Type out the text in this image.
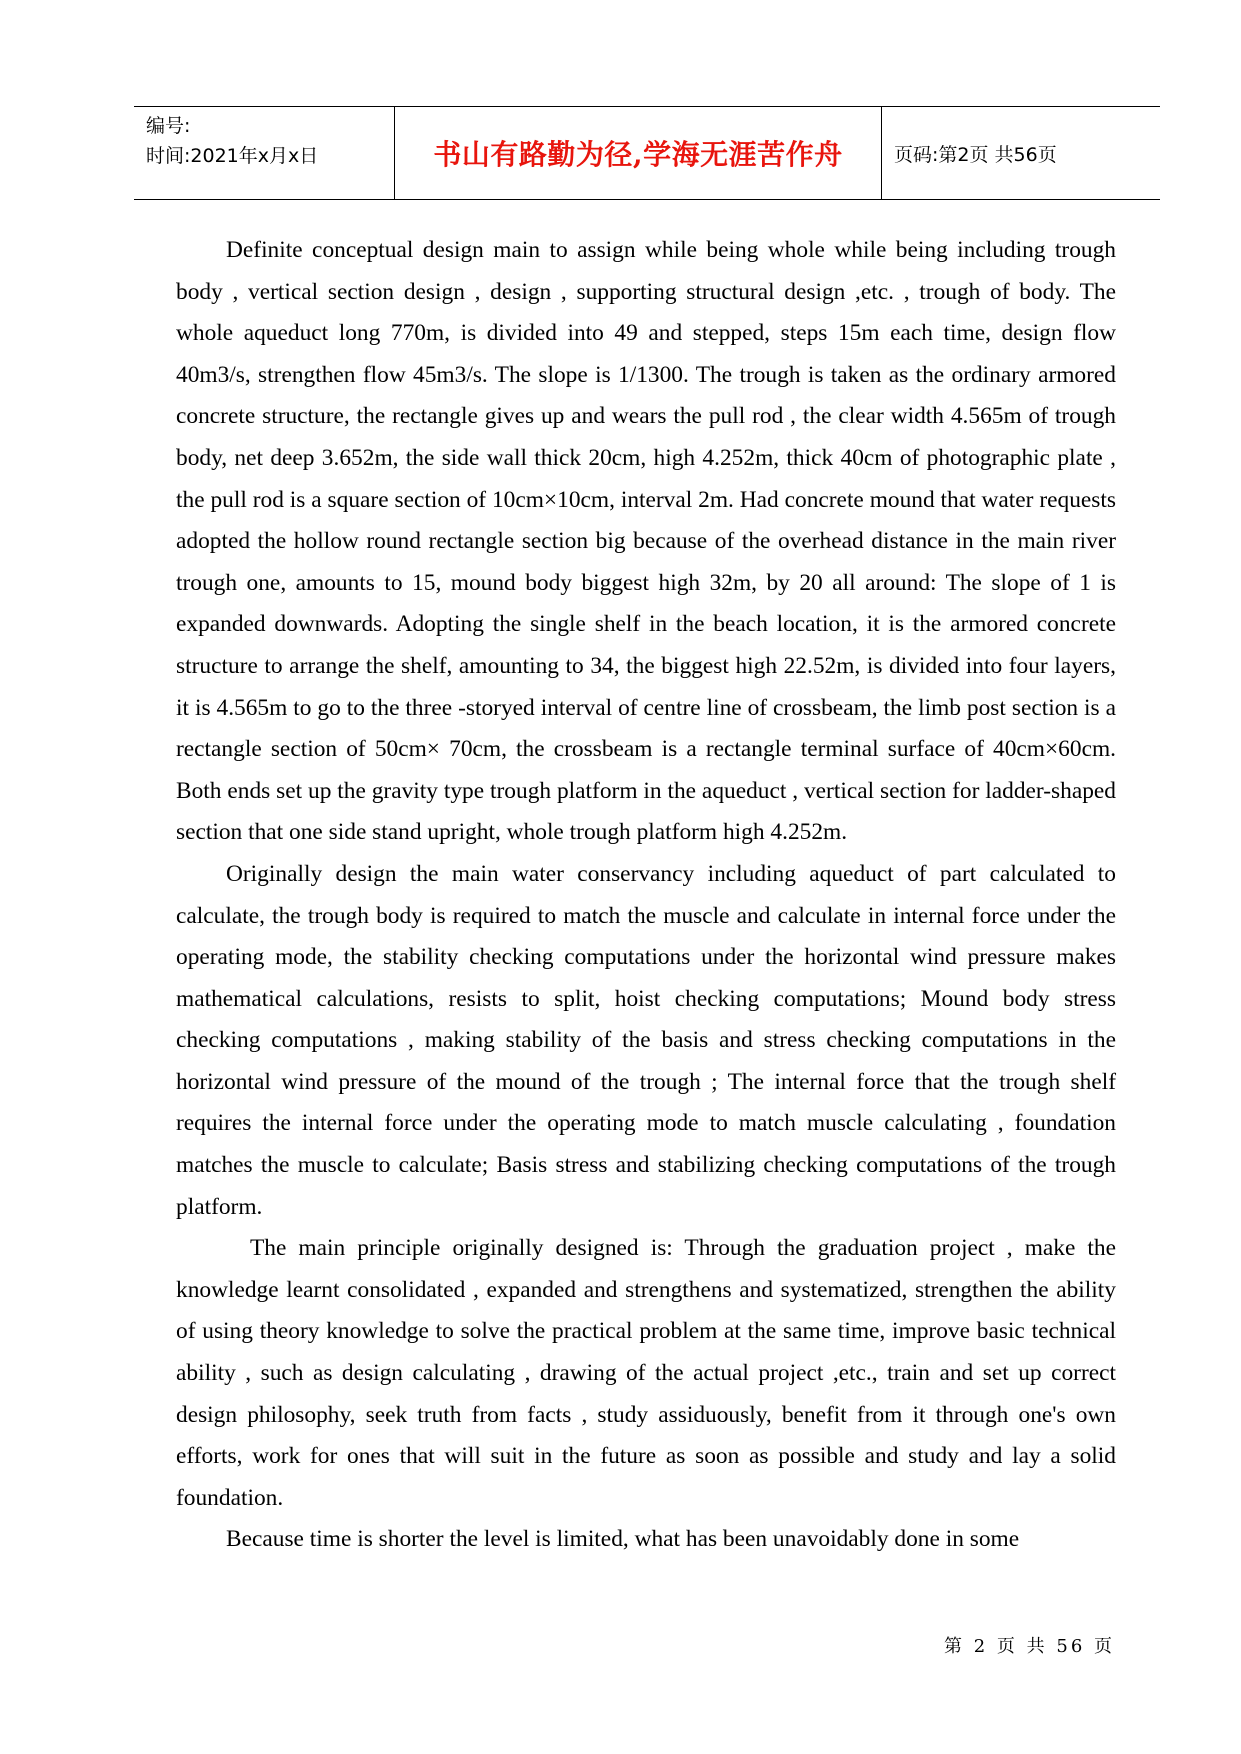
编号:
时间:2021年x月x日	书山有路勤为径,学海无涯苦作舟	页码:第2页 共56页

Definite conceptual design main to assign while being whole while being including trough body , vertical section design , design , supporting structural design ,etc. , trough of body. The whole aqueduct long 770m, is divided into 49 and stepped, steps 15m each time, design flow 40m3/s, strengthen flow 45m3/s. The slope is 1/1300. The trough is taken as the ordinary armored concrete structure, the rectangle gives up and wears the pull rod , the clear width 4.565m of trough body, net deep 3.652m, the side wall thick 20cm, high 4.252m, thick 40cm of photographic plate , the pull rod is a square section of 10cm×10cm, interval 2m. Had concrete mound that water requests adopted the hollow round rectangle section big because of the overhead distance in the main river trough one, amounts to 15, mound body biggest high 32m, by 20 all around: The slope of 1 is expanded downwards. Adopting the single shelf in the beach location, it is the armored concrete structure to arrange the shelf, amounting to 34, the biggest high 22.52m, is divided into four layers, it is 4.565m to go to the three -storyed interval of centre line of crossbeam, the limb post section is a rectangle section of 50cm× 70cm, the crossbeam is a rectangle terminal surface of 40cm×60cm. Both ends set up the gravity type trough platform in the aqueduct , vertical section for ladder-shaped section that one side stand upright, whole trough platform high 4.252m.

Originally design the main water conservancy including aqueduct of part calculated to calculate, the trough body is required to match the muscle and calculate in internal force under the operating mode, the stability checking computations under the horizontal wind pressure makes mathematical calculations, resists to split, hoist checking computations; Mound body stress checking computations , making stability of the basis and stress checking computations in the horizontal wind pressure of the mound of the trough ; The internal force that the trough shelf requires the internal force under the operating mode to match muscle calculating , foundation matches the muscle to calculate; Basis stress and stabilizing checking computations of the trough platform.

The main principle originally designed is: Through the graduation project , make the knowledge learnt consolidated , expanded and strengthens and systematized, strengthen the ability of using theory knowledge to solve the practical problem at the same time, improve basic technical ability , such as design calculating , drawing of the actual project ,etc., train and set up correct design philosophy, seek truth from facts , study assiduously, benefit from it through one's own efforts, work for ones that will suit in the future as soon as possible and study and lay a solid foundation.

Because time is shorter the level is limited, what has been unavoidably done in some

第 2 页 共 56 页
